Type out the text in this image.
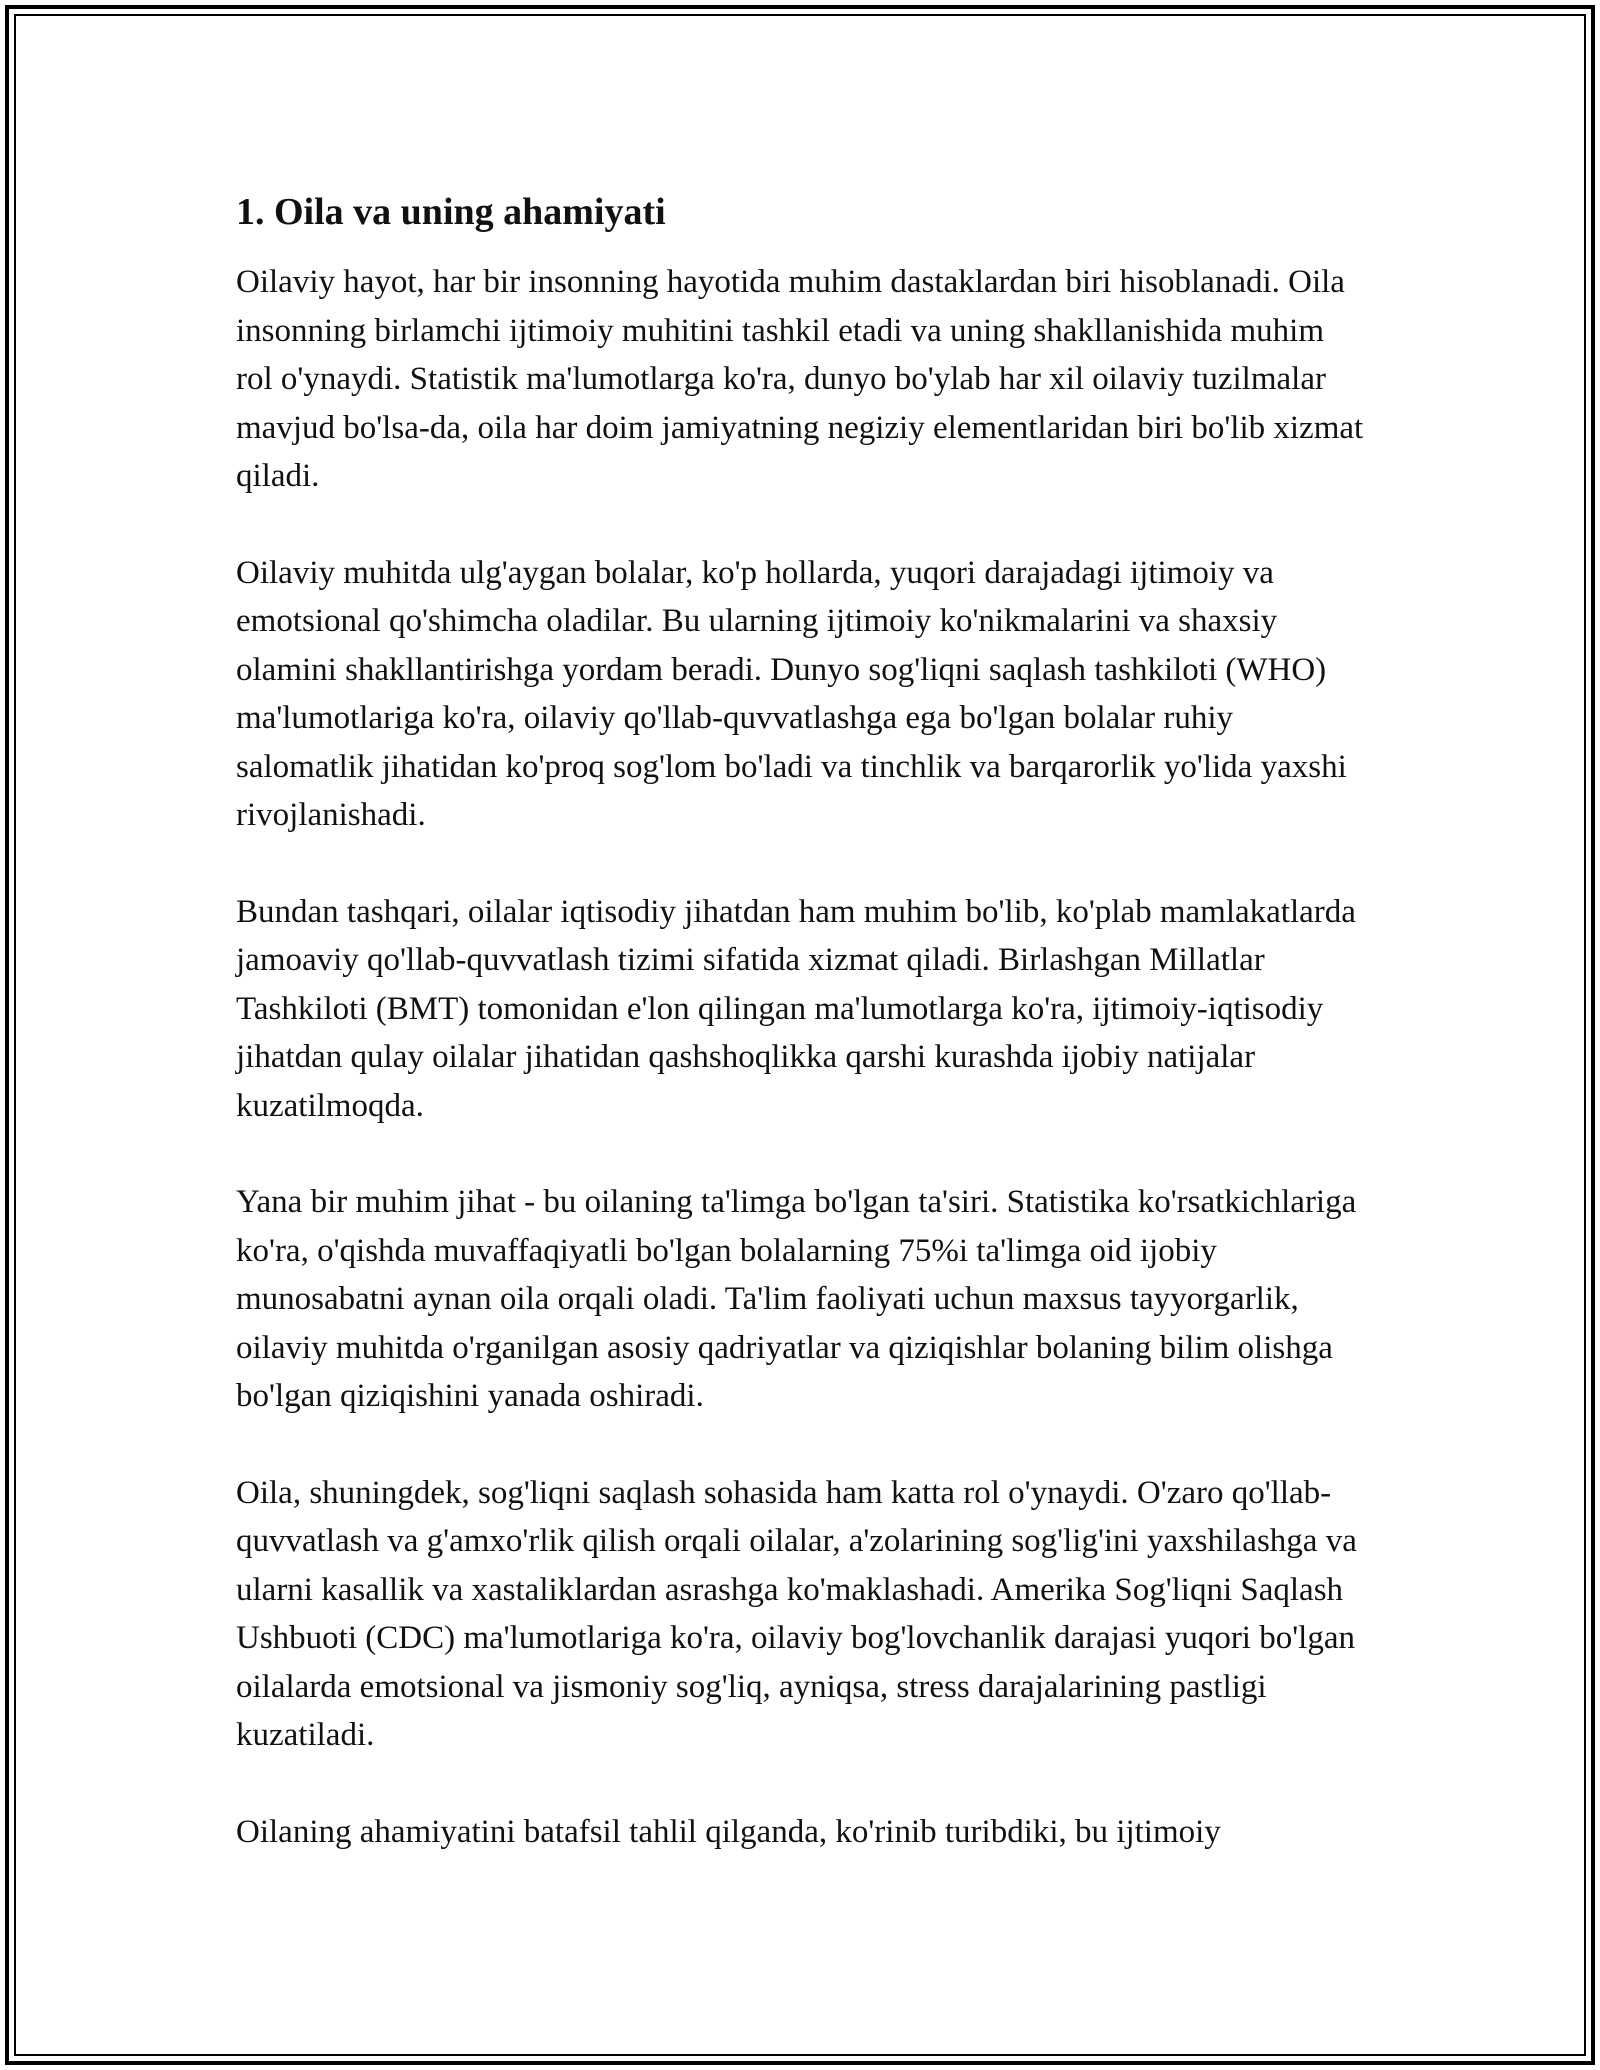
1. Oila va uning ahamiyati

Oilaviy hayot, har bir insonning hayotida muhim dastaklardan biri hisoblanadi. Oila insonning birlamchi ijtimoiy muhitini tashkil etadi va uning shakllanishida muhim rol o'ynaydi. Statistik ma'lumotlarga ko'ra, dunyo bo'ylab har xil oilaviy tuzilmalar mavjud bo'lsa-da, oila har doim jamiyatning negiziy elementlaridan biri bo'lib xizmat qiladi.

Oilaviy muhitda ulg'aygan bolalar, ko'p hollarda, yuqori darajadagi ijtimoiy va emotsional qo'shimcha oladilar. Bu ularning ijtimoiy ko'nikmalarini va shaxsiy olamini shakllantirishga yordam beradi. Dunyo sog'liqni saqlash tashkiloti (WHO) ma'lumotlariga ko'ra, oilaviy qo'llab-quvvatlashga ega bo'lgan bolalar ruhiy salomatlik jihatidan ko'proq sog'lom bo'ladi va tinchlik va barqarorlik yo'lida yaxshi rivojlanishadi.

Bundan tashqari, oilalar iqtisodiy jihatdan ham muhim bo'lib, ko'plab mamlakatlarda jamoaviy qo'llab-quvvatlash tizimi sifatida xizmat qiladi. Birlashgan Millatlar Tashkiloti (BMT) tomonidan e'lon qilingan ma'lumotlarga ko'ra, ijtimoiy-iqtisodiy jihatdan qulay oilalar jihatidan qashshoqlikka qarshi kurashda ijobiy natijalar kuzatilmoqda.

Yana bir muhim jihat - bu oilaning ta'limga bo'lgan ta'siri. Statistika ko'rsatkichlariga ko'ra, o'qishda muvaffaqiyatli bo'lgan bolalarning 75%i ta'limga oid ijobiy munosabatni aynan oila orqali oladi. Ta'lim faoliyati uchun maxsus tayyorgarlik, oilaviy muhitda o'rganilgan asosiy qadriyatlar va qiziqishlar bolaning bilim olishga bo'lgan qiziqishini yanada oshiradi.

Oila, shuningdek, sog'liqni saqlash sohasida ham katta rol o'ynaydi. O'zaro qo'llab-quvvatlash va g'amxo'rlik qilish orqali oilalar, a'zolarining sog'lig'ini yaxshilashga va ularni kasallik va xastaliklardan asrashga ko'maklashadi. Amerika Sog'liqni Saqlash Ushbuoti (CDC) ma'lumotlariga ko'ra, oilaviy bog'lovchanlik darajasi yuqori bo'lgan oilalarda emotsional va jismoniy sog'liq, ayniqsa, stress darajalarining pastligi kuzatiladi.

Oilaning ahamiyatini batafsil tahlil qilganda, ko'rinib turibdiki, bu ijtimoiy
